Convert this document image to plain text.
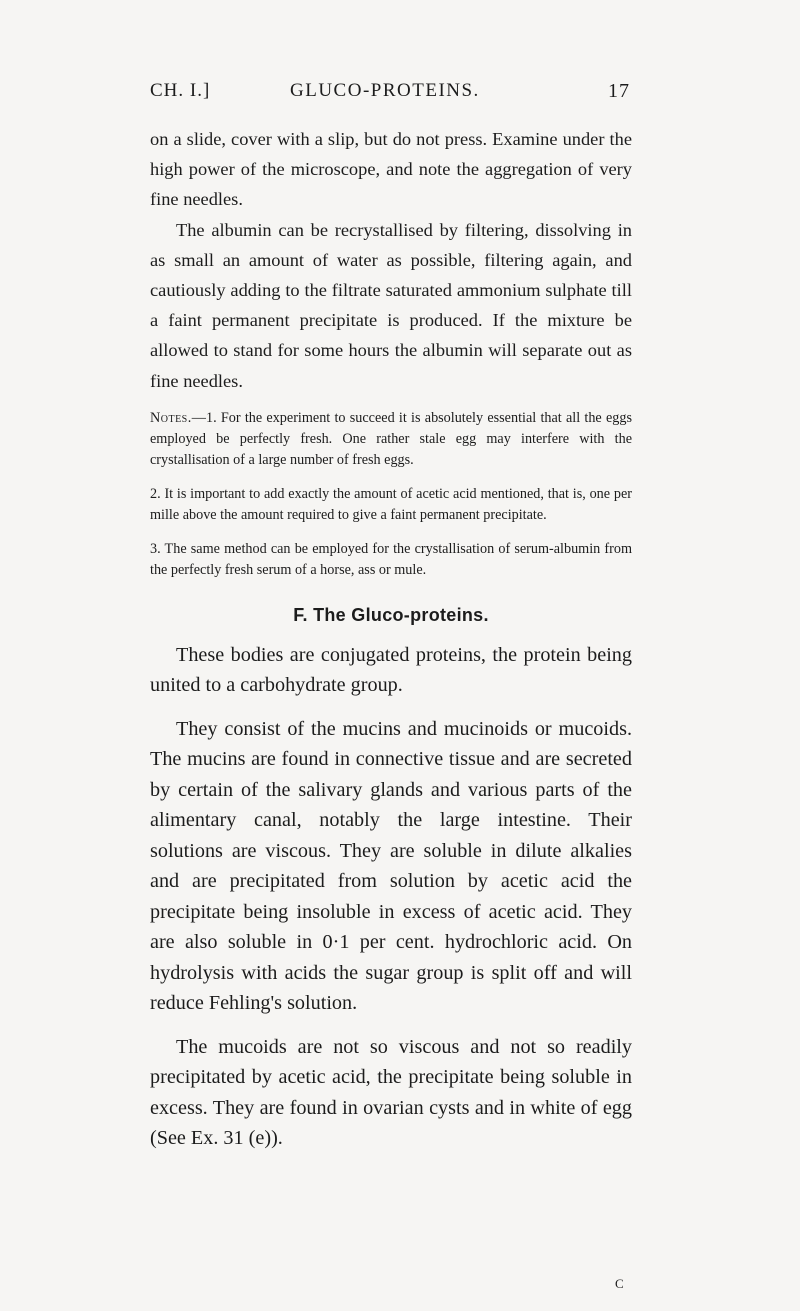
CH. I.]	GLUCO-PROTEINS.	17

on a slide, cover with a slip, but do not press. Examine under the high power of the microscope, and note the aggregation of very fine needles.

The albumin can be recrystallised by filtering, dissolving in as small an amount of water as possible, filtering again, and cautiously adding to the filtrate saturated ammonium sulphate till a faint permanent precipitate is produced. If the mixture be allowed to stand for some hours the albumin will separate out as fine needles.

Notes.—1. For the experiment to succeed it is absolutely essential that all the eggs employed be perfectly fresh. One rather stale egg may interfere with the crystallisation of a large number of fresh eggs.

2. It is important to add exactly the amount of acetic acid mentioned, that is, one per mille above the amount required to give a faint permanent precipitate.

3. The same method can be employed for the crystallisation of serum-albumin from the perfectly fresh serum of a horse, ass or mule.

F. The Gluco-proteins.

These bodies are conjugated proteins, the protein being united to a carbohydrate group.

They consist of the mucins and mucinoids or mucoids. The mucins are found in connective tissue and are secreted by certain of the salivary glands and various parts of the alimentary canal, notably the large intestine. Their solutions are viscous. They are soluble in dilute alkalies and are precipitated from solution by acetic acid the precipitate being insoluble in excess of acetic acid. They are also soluble in 0·1 per cent. hydrochloric acid. On hydrolysis with acids the sugar group is split off and will reduce Fehling's solution.

The mucoids are not so viscous and not so readily precipitated by acetic acid, the precipitate being soluble in excess. They are found in ovarian cysts and in white of egg (See Ex. 31 (e)).

C
